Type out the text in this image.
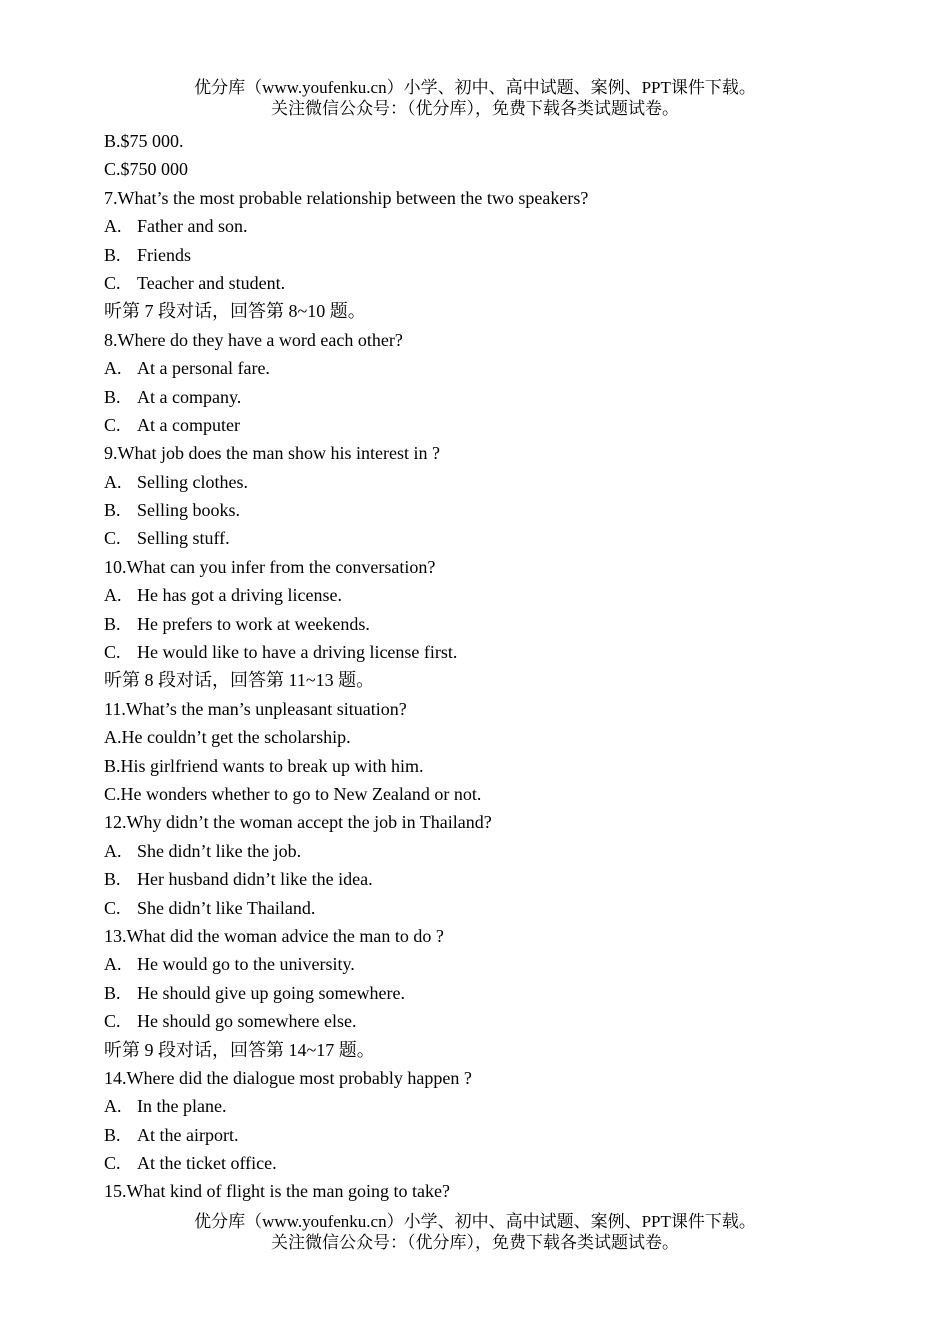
优分库（www.youfenku.cn）小学、初中、高中试题、案例、PPT课件下载。
关注微信公众号：（优分库），免费下载各类试题试卷。
B.$75 000.
C.$750 000
7.What’s the most probable relationship between the two speakers?
A. Father and son.
B. Friends
C. Teacher and student.
听第 7 段对话，回答第 8~10 题。
8.Where do they have a word each other?
A. At a personal fare.
B. At a company.
C. At a computer
9.What job does the man show his interest in ?
A. Selling clothes.
B. Selling books.
C. Selling stuff.
10.What can you infer from the conversation?
A. He has got a driving license.
B. He prefers to work at weekends.
C. He would like to have a driving license first.
听第 8 段对话，回答第 11~13 题。
11.What’s the man’s unpleasant situation?
A.He couldn’t get the scholarship.
B.His girlfriend wants to break up with him.
C.He wonders whether to go to New Zealand or not.
12.Why didn’t the woman accept the job in Thailand?
A. She didn’t like the job.
B. Her husband didn’t like the idea.
C. She didn’t like Thailand.
13.What did the woman advice the man to do ?
A. He would go to the university.
B. He should give up going somewhere.
C. He should go somewhere else.
听第 9 段对话，回答第 14~17 题。
14.Where did the dialogue most probably happen ?
A. In the plane.
B. At the airport.
C. At the ticket office.
15.What kind of flight is the man going to take?
优分库（www.youfenku.cn）小学、初中、高中试题、案例、PPT课件下载。
关注微信公众号：（优分库），免费下载各类试题试卷。
